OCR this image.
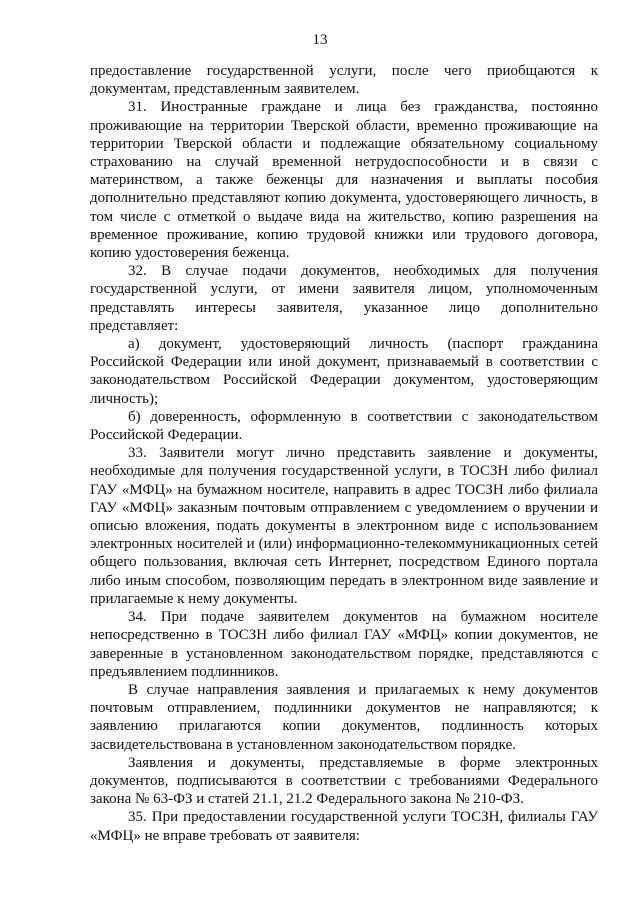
13

предоставление государственной услуги, после чего приобщаются к документам, представленным заявителем.

31. Иностранные граждане и лица без гражданства, постоянно проживающие на территории Тверской области, временно проживающие на территории Тверской области и подлежащие обязательному социальному страхованию на случай временной нетрудоспособности и в связи с материнством, а также беженцы для назначения и выплаты пособия дополнительно представляют копию документа, удостоверяющего личность, в том числе с отметкой о выдаче вида на жительство, копию разрешения на временное проживание, копию трудовой книжки или трудового договора, копию удостоверения беженца.

32. В случае подачи документов, необходимых для получения государственной услуги, от имени заявителя лицом, уполномоченным представлять интересы заявителя, указанное лицо дополнительно представляет:

а) документ, удостоверяющий личность (паспорт гражданина Российской Федерации или иной документ, признаваемый в соответствии с законодательством Российской Федерации документом, удостоверяющим личность);

б) доверенность, оформленную в соответствии с законодательством Российской Федерации.

33. Заявители могут лично представить заявление и документы, необходимые для получения государственной услуги, в ТОСЗН либо филиал ГАУ «МФЦ» на бумажном носителе, направить в адрес ТОСЗН либо филиала ГАУ «МФЦ» заказным почтовым отправлением с уведомлением о вручении и описью вложения, подать документы в электронном виде с использованием электронных носителей и (или) информационно-телекоммуникационных сетей общего пользования, включая сеть Интернет, посредством Единого портала либо иным способом, позволяющим передать в электронном виде заявление и прилагаемые к нему документы.

34. При подаче заявителем документов на бумажном носителе непосредственно в ТОСЗН либо филиал ГАУ «МФЦ» копии документов, не заверенные в установленном законодательством порядке, представляются с предъявлением подлинников.

В случае направления заявления и прилагаемых к нему документов почтовым отправлением, подлинники документов не направляются; к заявлению прилагаются копии документов, подлинность которых засвидетельствована в установленном законодательством порядке.

Заявления и документы, представляемые в форме электронных документов, подписываются в соответствии с требованиями Федерального закона № 63-ФЗ и статей 21.1, 21.2 Федерального закона № 210-ФЗ.

35. При предоставлении государственной услуги ТОСЗН, филиалы ГАУ «МФЦ» не вправе требовать от заявителя:
